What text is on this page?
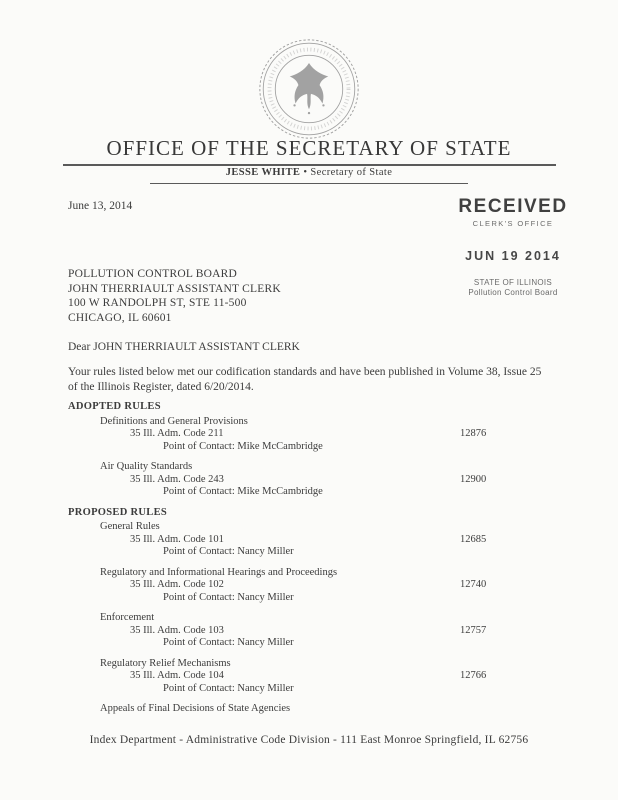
OFFICE OF THE SECRETARY OF STATE
JESSE WHITE • Secretary of State
June 13, 2014	RECEIVED
CLERK'S OFFICE
JUN 19 2014
STATE OF ILLINOIS
Pollution Control Board
POLLUTION CONTROL BOARD
JOHN THERRIAULT ASSISTANT CLERK
100 W RANDOLPH ST, STE 11-500
CHICAGO, IL 60601
Dear JOHN THERRIAULT ASSISTANT CLERK
Your rules listed below met our codification standards and have been published in Volume 38, Issue 25 of the Illinois Register, dated 6/20/2014.
ADOPTED RULES
Definitions and General Provisions
35 Ill. Adm. Code 211	12876
Point of Contact: Mike McCambridge
Air Quality Standards
35 Ill. Adm. Code 243	12900
Point of Contact: Mike McCambridge
PROPOSED RULES
General Rules
35 Ill. Adm. Code 101	12685
Point of Contact: Nancy Miller
Regulatory and Informational Hearings and Proceedings
35 Ill. Adm. Code 102	12740
Point of Contact: Nancy Miller
Enforcement
35 Ill. Adm. Code 103	12757
Point of Contact: Nancy Miller
Regulatory Relief Mechanisms
35 Ill. Adm. Code 104	12766
Point of Contact: Nancy Miller
Appeals of Final Decisions of State Agencies
Index Department - Administrative Code Division - 111 East Monroe Springfield, IL 62756
